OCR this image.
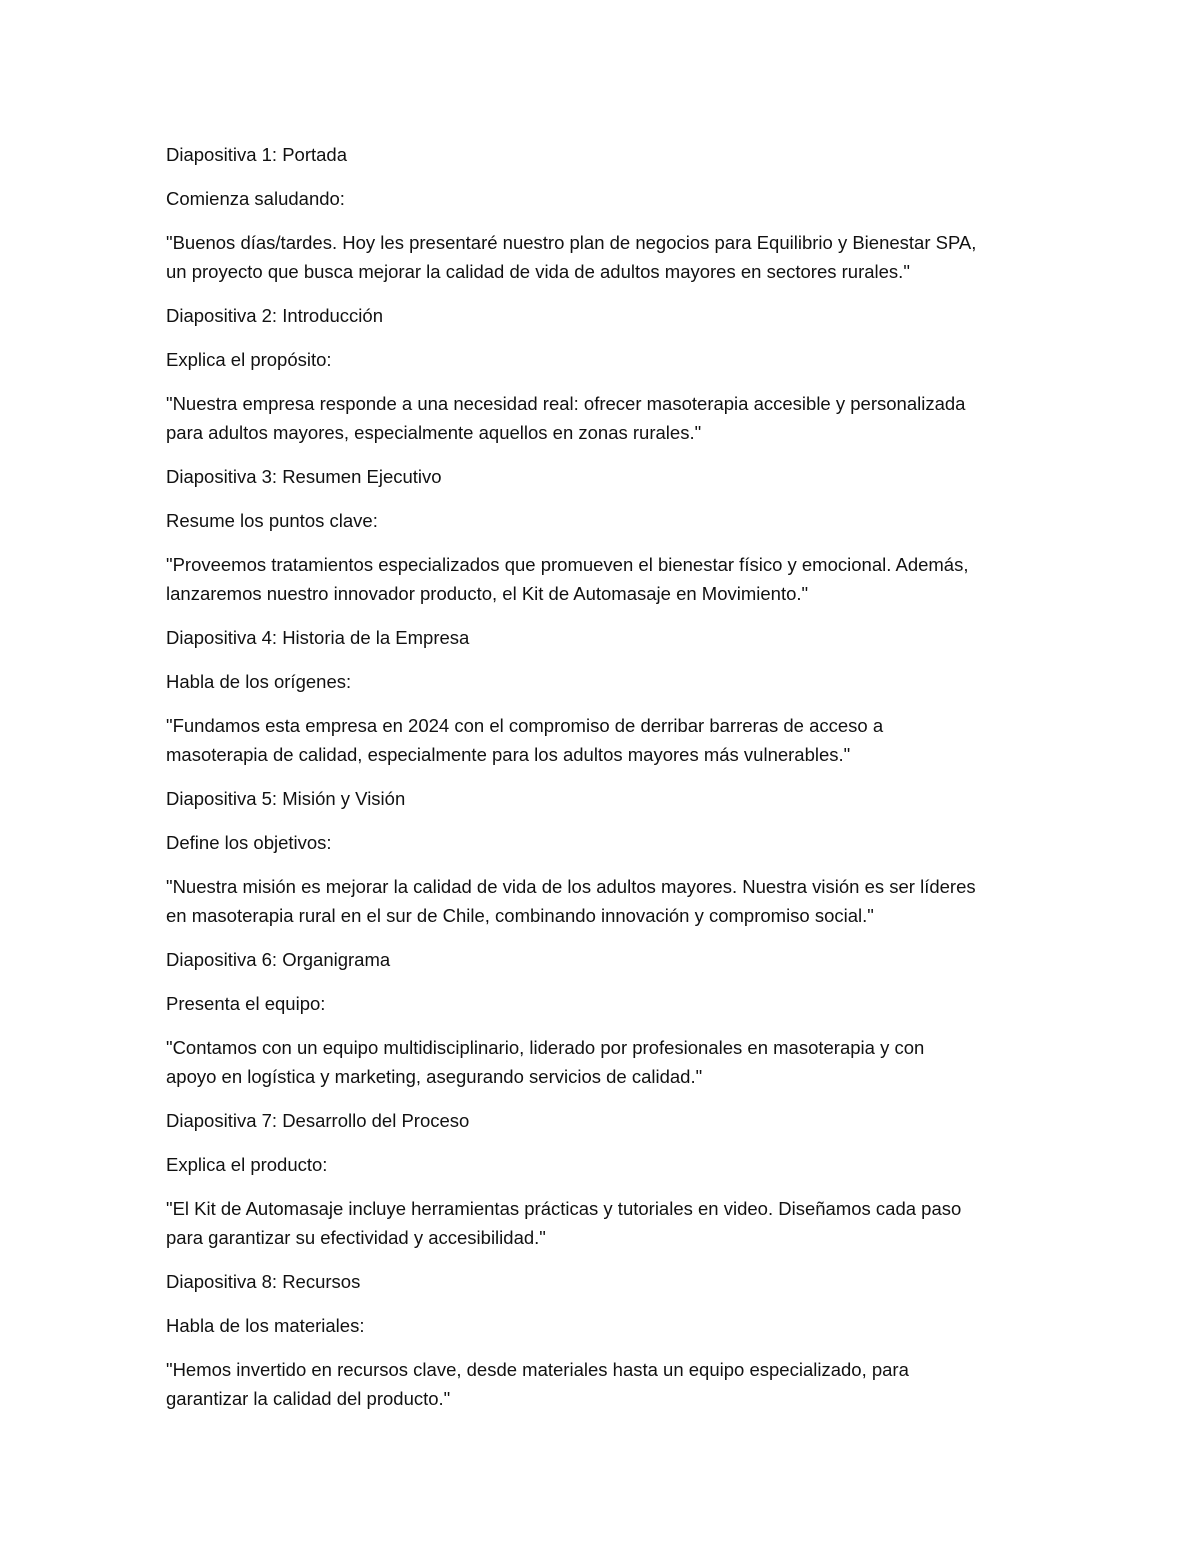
Diapositiva 1: Portada

Comienza saludando:

"Buenos días/tardes. Hoy les presentaré nuestro plan de negocios para Equilibrio y Bienestar SPA,
un proyecto que busca mejorar la calidad de vida de adultos mayores en sectores rurales."

Diapositiva 2: Introducción

Explica el propósito:

"Nuestra empresa responde a una necesidad real: ofrecer masoterapia accesible y personalizada
para adultos mayores, especialmente aquellos en zonas rurales."

Diapositiva 3: Resumen Ejecutivo

Resume los puntos clave:

"Proveemos tratamientos especializados que promueven el bienestar físico y emocional. Además,
lanzaremos nuestro innovador producto, el Kit de Automasaje en Movimiento."

Diapositiva 4: Historia de la Empresa

Habla de los orígenes:

"Fundamos esta empresa en 2024 con el compromiso de derribar barreras de acceso a
masoterapia de calidad, especialmente para los adultos mayores más vulnerables."

Diapositiva 5: Misión y Visión

Define los objetivos:

"Nuestra misión es mejorar la calidad de vida de los adultos mayores. Nuestra visión es ser líderes
en masoterapia rural en el sur de Chile, combinando innovación y compromiso social."

Diapositiva 6: Organigrama

Presenta el equipo:

"Contamos con un equipo multidisciplinario, liderado por profesionales en masoterapia y con
apoyo en logística y marketing, asegurando servicios de calidad."

Diapositiva 7: Desarrollo del Proceso

Explica el producto:

"El Kit de Automasaje incluye herramientas prácticas y tutoriales en video. Diseñamos cada paso
para garantizar su efectividad y accesibilidad."

Diapositiva 8: Recursos

Habla de los materiales:

"Hemos invertido en recursos clave, desde materiales hasta un equipo especializado, para
garantizar la calidad del producto."
